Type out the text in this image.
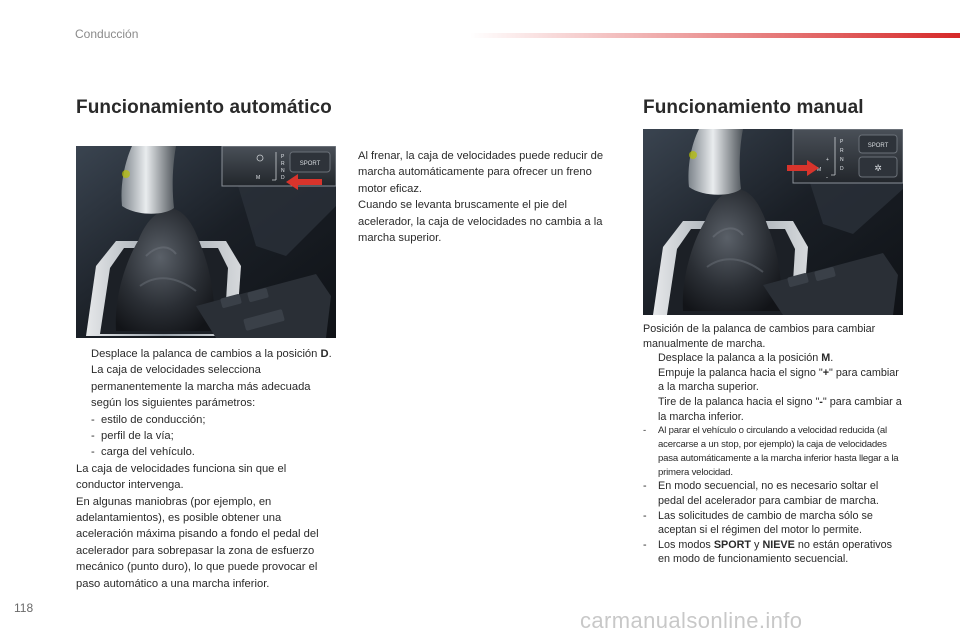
Conducción
Funcionamiento automático	Funcionamiento manual
SPORT
P
R
N
D
M
SPORT
✲
P
R
N
D
M
+
-
Desplace la palanca de cambios a la posición D.

La caja de velocidades selecciona

permanentemente la marcha más adecuada

según los siguientes parámetros:

- estilo de conducción;
- perfil de la vía;
- carga del vehículo.

La caja de velocidades funciona sin que el conductor intervenga.

En algunas maniobras (por ejemplo, en adelantamientos), es posible obtener una aceleración máxima pisando a fondo el pedal del acelerador para sobrepasar la zona de esfuerzo mecánico (punto duro), lo que puede provocar el paso automático a una marcha inferior.

Al frenar, la caja de velocidades puede reducir de marcha automáticamente para ofrecer un freno motor eficaz.

Cuando se levanta bruscamente el pie del acelerador, la caja de velocidades no cambia a la marcha superior.

Posición de la palanca de cambios para cambiar manualmente de marcha.

Desplace la palanca a la posición M.
Empuje la palanca hacia el signo "+" para cambiar a la marcha superior.
Tire de la palanca hacia el signo "-" para cambiar a la marcha inferior.
- Al parar el vehículo o circulando a velocidad reducida (al acercarse a un stop, por ejemplo) la caja de velocidades pasa automáticamente a la marcha inferior hasta llegar a la primera velocidad.
- En modo secuencial, no es necesario soltar el pedal del acelerador para cambiar de marcha.
- Las solicitudes de cambio de marcha sólo se aceptan si el régimen del motor lo permite.
- Los modos SPORT y NIEVE no están operativos en modo de funcionamiento secuencial.
118	carmanualsonline.info
